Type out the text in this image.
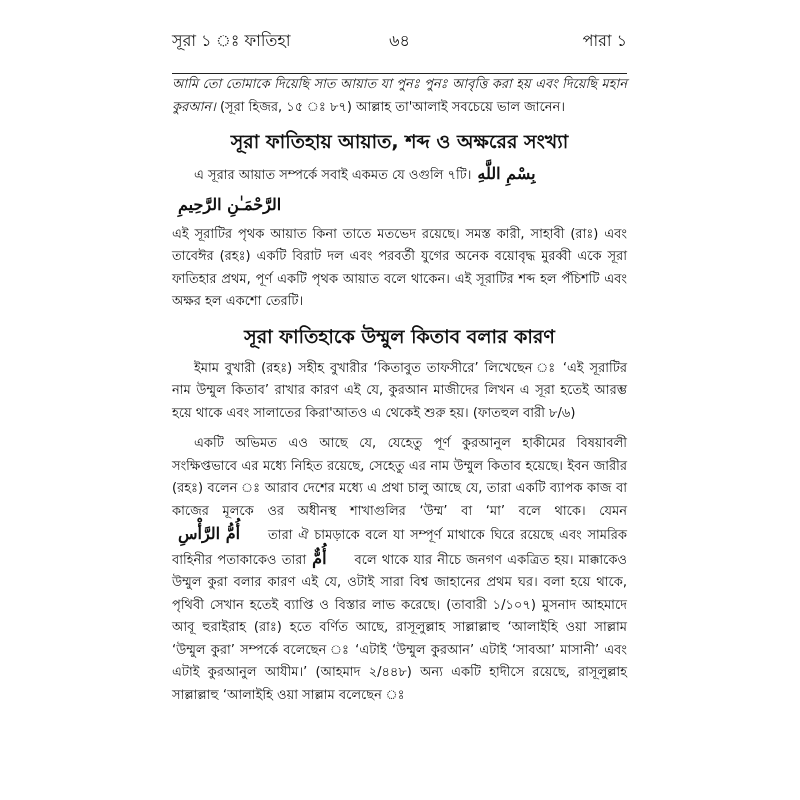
সূরা ১ ঃ ফাতিহা	৬৪	পারা ১

আমি তো তোমাকে দিয়েছি সাত আয়াত যা পুনঃ পুনঃ আবৃত্তি করা হয় এবং দিয়েছি মহান কুরআন। (সূরা হিজর, ১৫ ঃ ৮৭) আল্লাহ তা'আলাই সবচেয়ে ভাল জানেন।

সূরা ফাতিহায় আয়াত, শব্দ ও অক্ষরের সংখ্যা

এ সূরার আয়াত সম্পর্কে সবাই একমত যে ওগুলি ৭টি। بِسْمِ اللَّهِ

الرَّحْمَـٰنِ الرَّحِيمِ

এই সূরাটির পৃথক আয়াত কিনা তাতে মতভেদ রয়েছে। সমস্ত কারী, সাহাবী (রাঃ) এবং তাবেঈর (রহঃ) একটি বিরাট দল এবং পরবর্তী যুগের অনেক বয়োবৃদ্ধ মুরব্বী একে সূরা ফাতিহার প্রথম, পূর্ণ একটি পৃথক আয়াত বলে থাকেন। এই সূরাটির শব্দ হল পঁচিশটি এবং অক্ষর হল একশো তেরটি।

সূরা ফাতিহাকে উম্মুল কিতাব বলার কারণ

ইমাম বুখারী (রহঃ) সহীহ বুখারীর ‘কিতাবুত তাফসীরে’ লিখেছেন ঃ ‘এই সূরাটির নাম উম্মুল কিতাব’ রাখার কারণ এই যে, কুরআন মাজীদের লিখন এ সূরা হতেই আরম্ভ হয়ে থাকে এবং সালাতের কিরা'আতও এ থেকেই শুরু হয়। (ফাতহুল বারী ৮/৬)

একটি অভিমত এও আছে যে, যেহেতু পূর্ণ কুরআনুল হাকীমের বিষয়াবলী সংক্ষিপ্তভাবে এর মধ্যে নিহিত রয়েছে, সেহেতু এর নাম উম্মুল কিতাব হয়েছে। ইবন জারীর (রহঃ) বলেন ঃ আরাব দেশের মধ্যে এ প্রথা চালু আছে যে, তারা একটি ব্যাপক কাজ বা কাজের মূলকে ওর অধীনস্থ শাখাগুলির ‘উম্ম’ বা ‘মা’ বলে থাকে। যেমনأُمُّ الرَّأْسِ তারা ঐ চামড়াকে বলে যা সম্পূর্ণ মাথাকে ঘিরে রয়েছে এবং সামরিক বাহিনীর পতাকাকেও তারা أُمٌّ বলে থাকে যার নীচে জনগণ একত্রিত হয়। মাক্কাকেও উম্মুল কুরা বলার কারণ এই যে, ওটাই সারা বিশ্ব জাহানের প্রথম ঘর। বলা হয়ে থাকে, পৃথিবী সেখান হতেই ব্যাপ্তি ও বিস্তার লাভ করেছে। (তাবারী ১/১০৭) মুসনাদ আহমাদে আবূ হুরাইরাহ (রাঃ) হতে বর্ণিত আছে, রাসূলুল্লাহ সাল্লাল্লাহু ‘আলাইহি ওয়া সাল্লাম ‘উম্মুল কুরা’ সম্পর্কে বলেছেন ঃ ‘এটাই ‘উম্মুল কুরআন’ এটাই ‘সাবআ’ মাসানী’ এবং এটাই কুরআনুল আযীম।’ (আহমাদ ২/৪৪৮) অন্য একটি হাদীসে রয়েছে, রাসূলুল্লাহ সাল্লাল্লাহু ‘আলাইহি ওয়া সাল্লাম বলেছেন ঃ
